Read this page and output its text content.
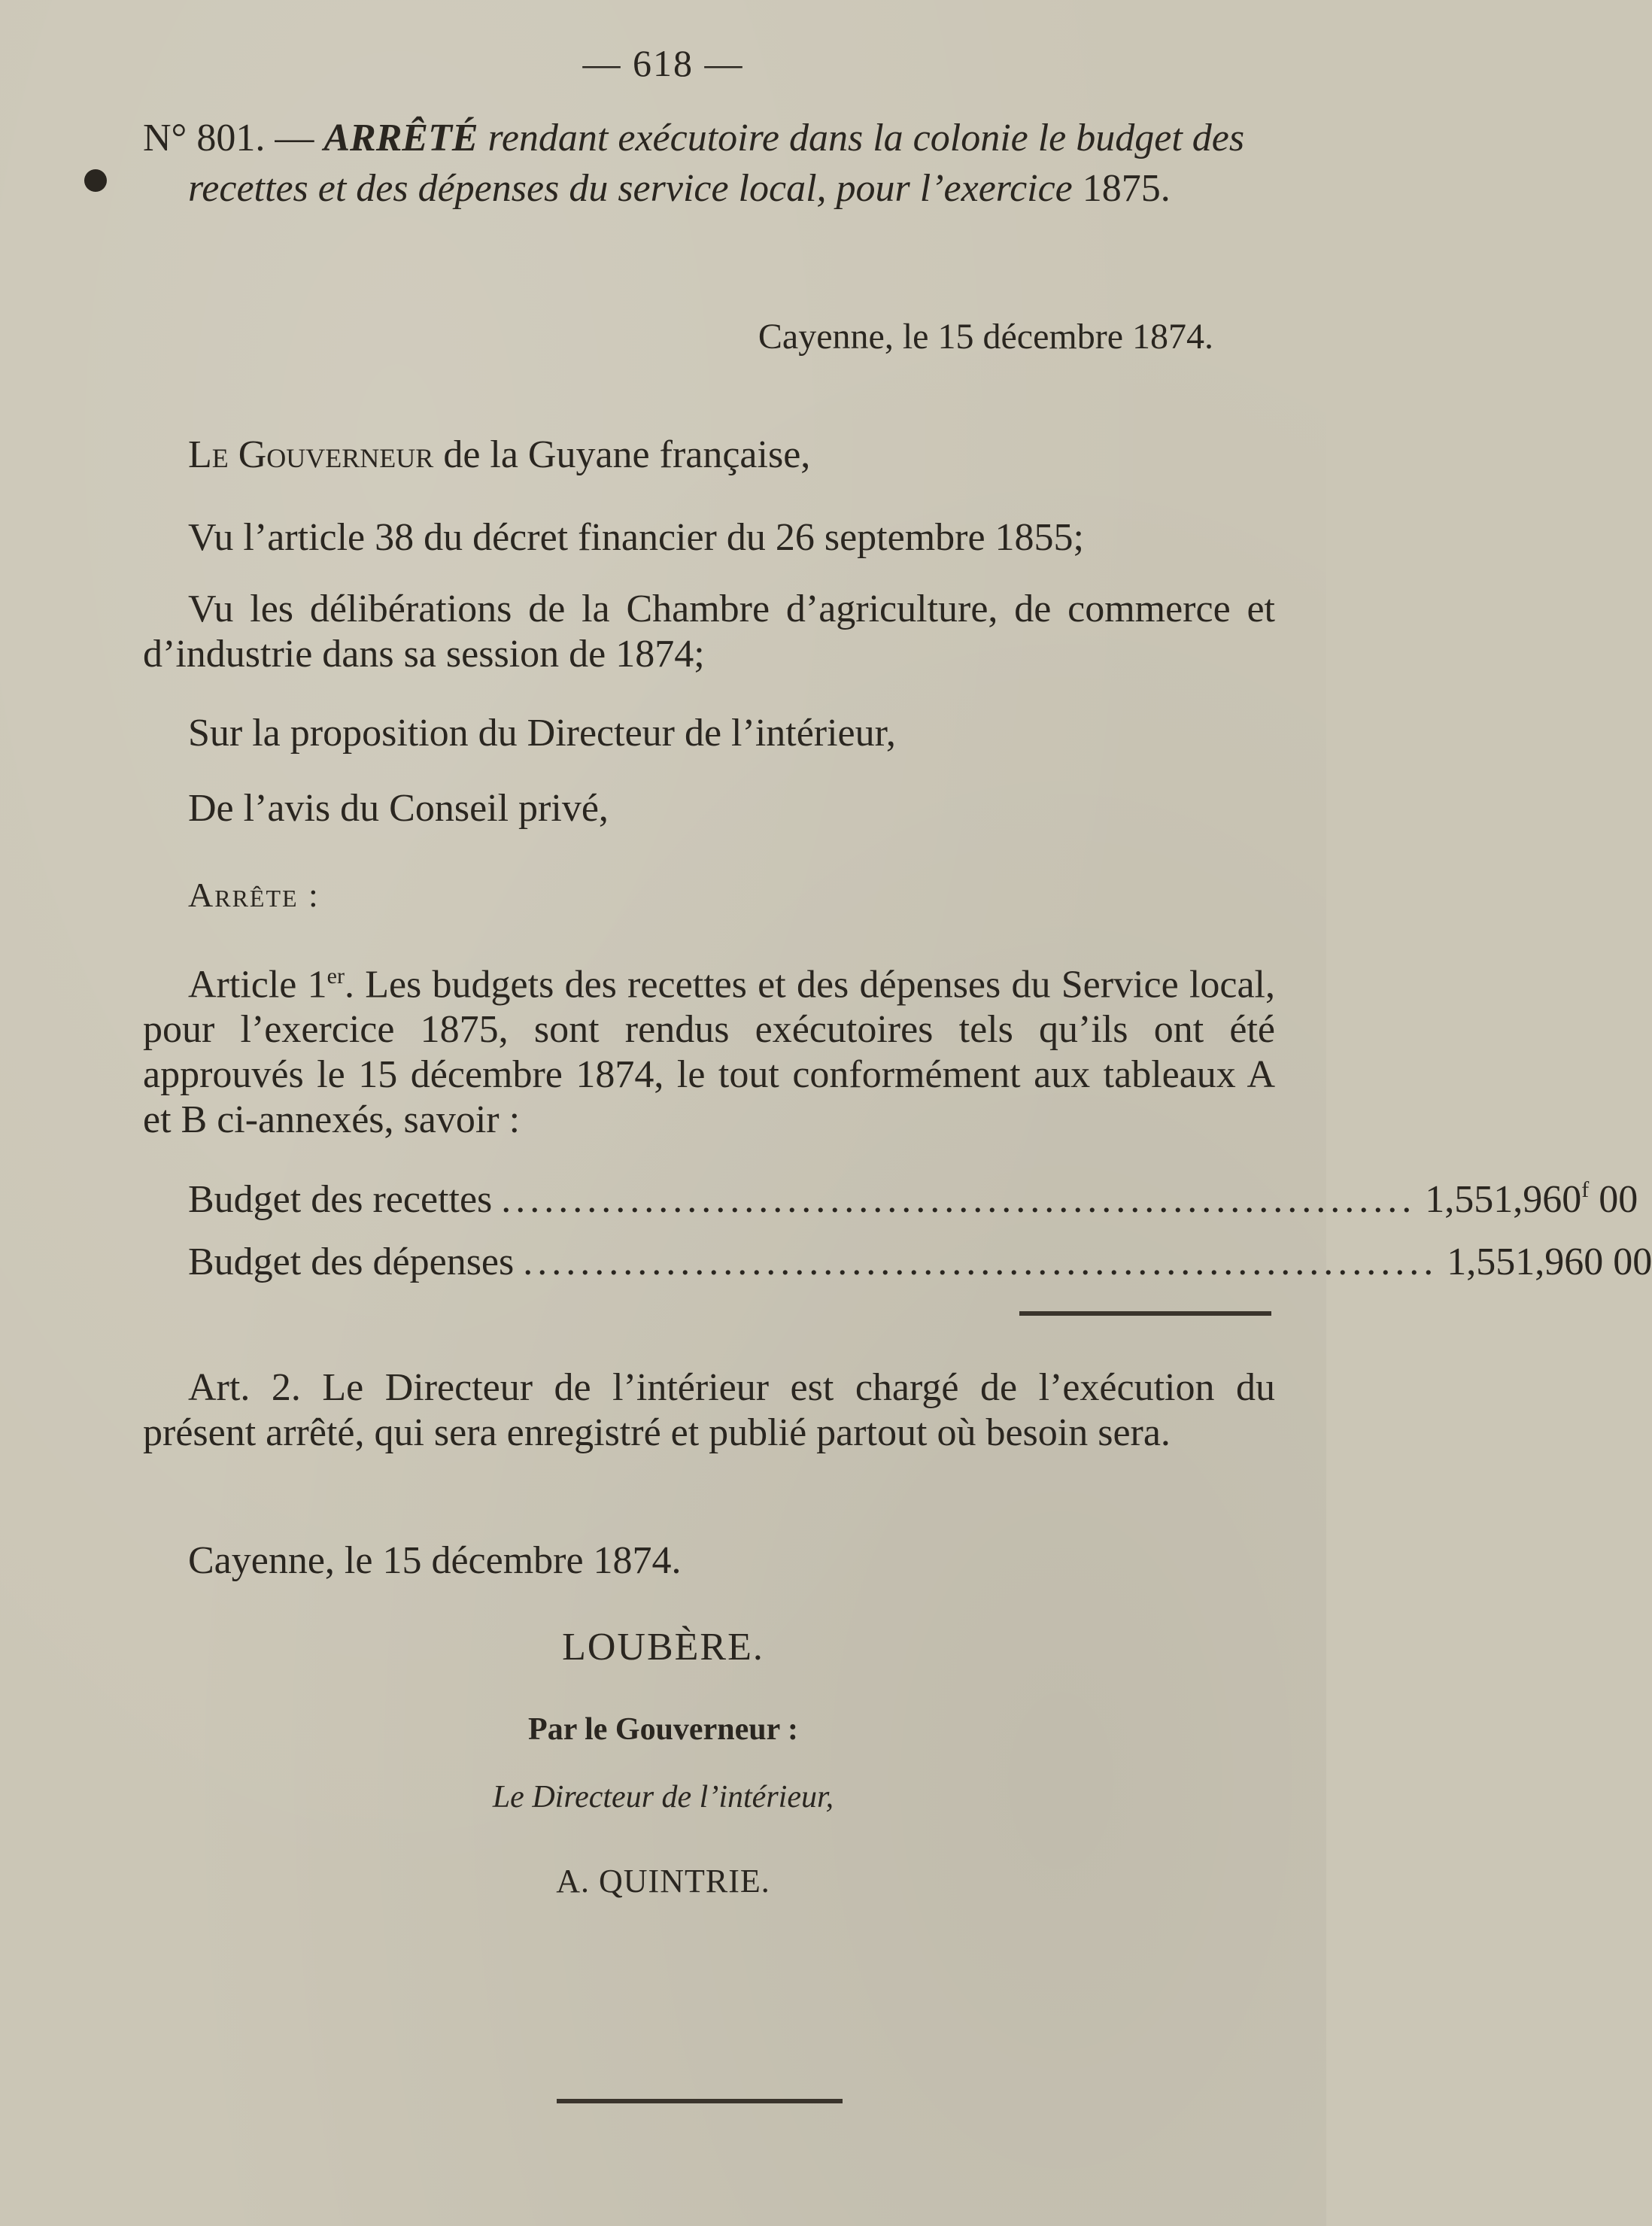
— 618 —
N° 801. — ARRÊTÉ rendant exécutoire dans la colonie le budget des recettes et des dépenses du service local, pour l’exercice 1875.
Cayenne, le 15 décembre 1874.
Le Gouverneur de la Guyane française,
Vu l’article 38 du décret financier du 26 septembre 1855;
Vu les délibérations de la Chambre d’agriculture, de commerce et d’industrie dans sa session de 1874;
Sur la proposition du Directeur de l’intérieur,
De l’avis du Conseil privé,
Arrête :
Article 1er. Les budgets des recettes et des dépenses du Service local, pour l’exercice 1875, sont rendus exécutoires tels qu’ils ont été approuvés le 15 décembre 1874, le tout conformément aux tableaux A et B ci-annexés, savoir :
Budget des recettes ................................................................ 1,551,960$^f$ 00
Budget des dépenses ................................................................ 1,551,960 00
Art. 2. Le Directeur de l’intérieur est chargé de l’exécution du présent arrêté, qui sera enregistré et publié partout où besoin sera.
Cayenne, le 15 décembre 1874.
LOUBÈRE.
Par le Gouverneur :
Le Directeur de l’intérieur,
A. QUINTRIE.
